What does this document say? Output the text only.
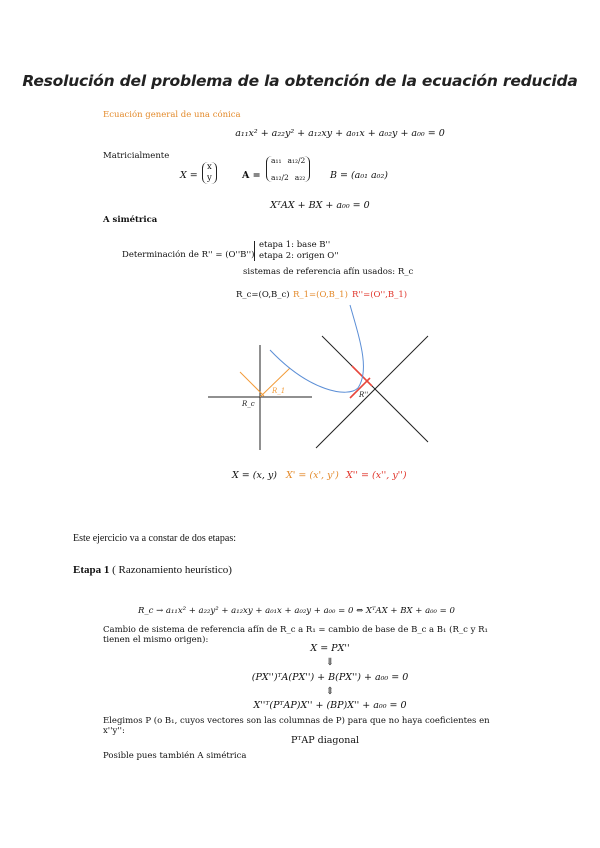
Resolución del problema de la obtención de la ecuación reducida
Ecuación general de una cónica
a₁₁x² + a₂₂y² + a₁₂xy + a₀₁x + a₀₂y + a₀₀ = 0
Matricialmente
X =
x
y	A =
a₁₁ a₁₂/2
a₁₂/2 a₂₂	B = (a₀₁ a₀₂)
XᵀAX + BX + a₀₀ = 0
A simétrica
Determinación de R'' = (O''B'')
etapa 1: base B''
etapa 2: origen O''
sistemas de referencia afín usados: R_c
R_c=(O,B_c) R_1=(O,B_1) R''=(O'',B_1)
R_c
R_1	R''
X = (x, y) X' = (x', y') X'' = (x'', y'')
Este ejercicio va a constar de dos etapas:
Etapa 1 ( Razonamiento heurístico)
R_c → a₁₁x² + a₂₂y² + a₁₂xy + a₀₁x + a₀₂y + a₀₀ = 0 ⇔ XᵀAX + BX + a₀₀ = 0
Cambio de sistema de referencia afín de R_c a R₁ = cambio de base de B_c a B₁ (R_c y R₁
tienen el mismo origen):
X = PX''
⇓
(PX'')ᵀA(PX'') + B(PX'') + a₀₀ = 0
⇕
X''ᵀ(PᵀAP)X'' + (BP)X'' + a₀₀ = 0
Elegimos P (o B₁, cuyos vectores son las columnas de P) para que no haya coeficientes en
x''y'':
PᵀAP diagonal
Posible pues también A simétrica
